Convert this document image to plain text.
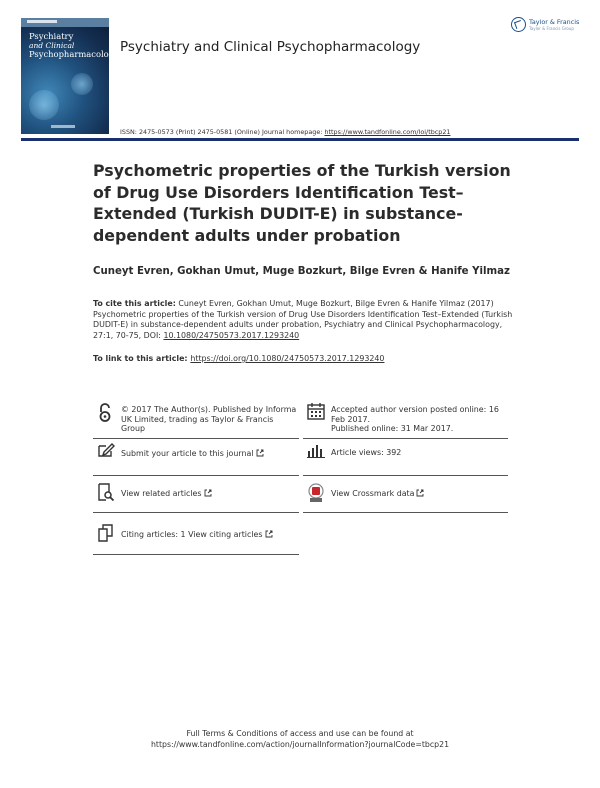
Psychiatry
and Clinical
Psychopharmacology Psychiatry and Clinical Psychopharmacology
Taylor & Francis
Taylor & Francis Group
ISSN: 2475-0573 (Print) 2475-0581 (Online) Journal homepage: https://www.tandfonline.com/loi/tbcp21
Psychometric properties of the Turkish version of Drug Use Disorders Identification Test–Extended (Turkish DUDIT-E) in substance-dependent adults under probation
Cuneyt Evren, Gokhan Umut, Muge Bozkurt, Bilge Evren & Hanife Yilmaz
To cite this article: Cuneyt Evren, Gokhan Umut, Muge Bozkurt, Bilge Evren & Hanife Yilmaz (2017) Psychometric properties of the Turkish version of Drug Use Disorders Identification Test–Extended (Turkish DUDIT-E) in substance-dependent adults under probation, Psychiatry and Clinical Psychopharmacology, 27:1, 70-75, DOI: 10.1080/24750573.2017.1293240
To link to this article: https://doi.org/10.1080/24750573.2017.1293240
© 2017 The Author(s). Published by Informa UK Limited, trading as Taylor & Francis Group
Accepted author version posted online: 16 Feb 2017.
Published online: 31 Mar 2017.
Submit your article to this journal	Article views: 392
View related articles	View Crossmark data
Citing articles: 1 View citing articles
Full Terms & Conditions of access and use can be found at
https://www.tandfonline.com/action/journalInformation?journalCode=tbcp21
